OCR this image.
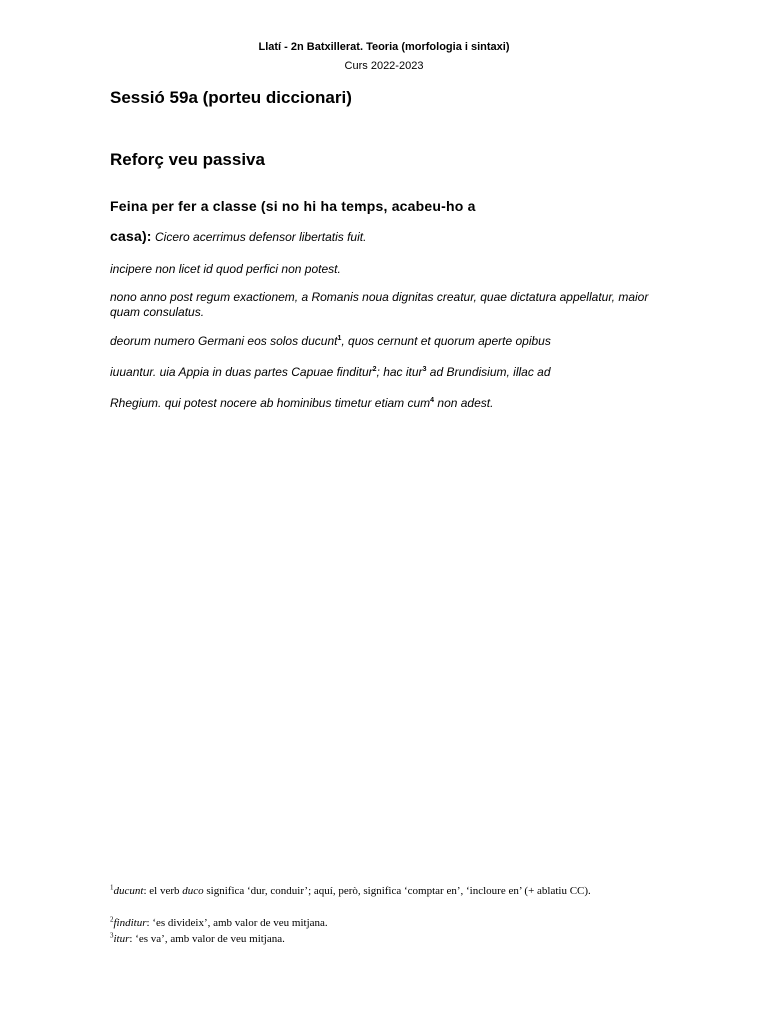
Llatí - 2n Batxillerat. Teoria (morfologia i sintaxi)
Curs 2022-2023
Sessió 59a (porteu diccionari)
Reforç veu passiva
Feina per fer a classe (si no hi ha temps, acabeu-ho a
casa): Cicero acerrimus defensor libertatis fuit.
incipere non licet id quod perfici non potest.
nono anno post regum exactionem, a Romanis noua dignitas creatur, quae dictatura appellatur, maior quam consulatus.
deorum numero Germani eos solos ducunt$^1$, quos cernunt et quorum aperte opibus
iuuantur. uia Appia in duas partes Capuae finditur$^2$; hac itur$^3$ ad Brundisium, illac ad
Rhegium. qui potest nocere ab hominibus timetur etiam cum$^4$ non adest.
$^1$ducunt: el verb duco significa ‘dur, conduir’; aquí, però, significa ‘comptar en’, ‘incloure en’ (+ ablatiu CC).
$^2$finditur: ‘es divideix’, amb valor de veu mitjana.
$^3$itur: ‘es va’, amb valor de veu mitjana.
